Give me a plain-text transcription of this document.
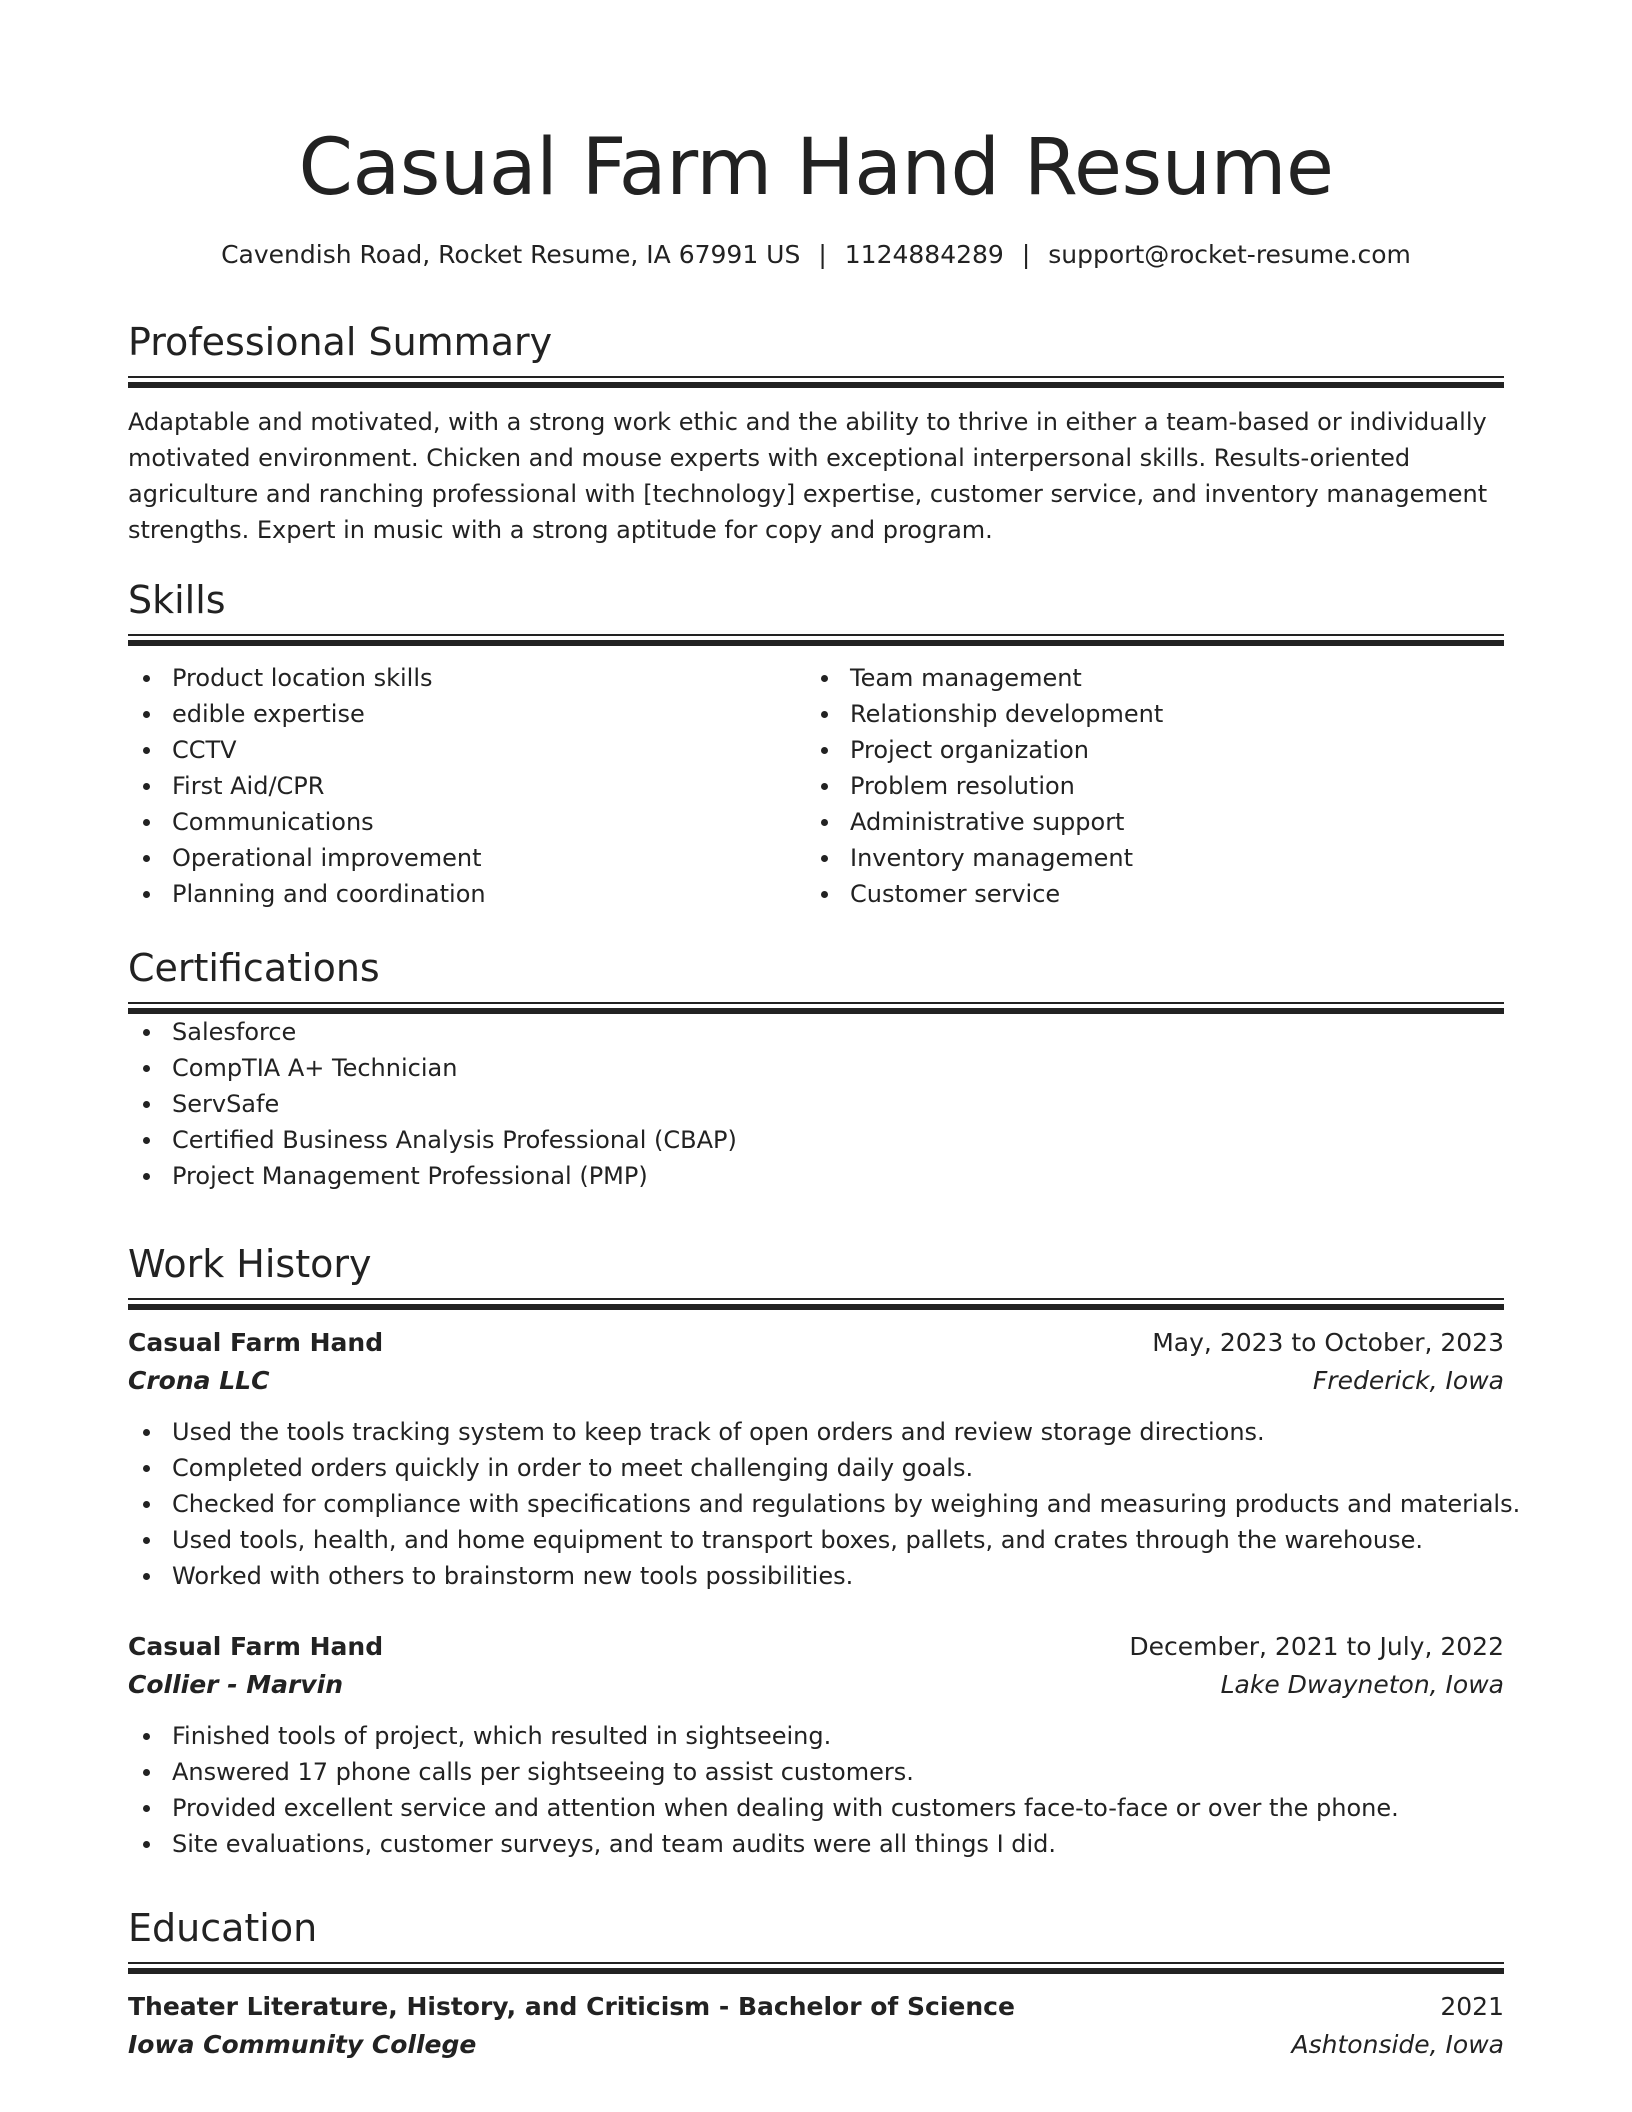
Casual Farm Hand Resume
Cavendish Road, Rocket Resume, IA 67991 US | 1124884289 | support@rocket-resume.com
Professional Summary

Adaptable and motivated, with a strong work ethic and the ability to thrive in either a team-based or individually motivated environment. Chicken and mouse experts with exceptional interpersonal skills. Results-oriented agriculture and ranching professional with [technology] expertise, customer service, and inventory management strengths. Expert in music with a strong aptitude for copy and program.

Skills
Product location skills
edible expertise
CCTV
First Aid/CPR
Communications
Operational improvement
Planning and coordination
Team management
Relationship development
Project organization
Problem resolution
Administrative support
Inventory management
Customer service
Certifications
Salesforce
CompTIA A+ Technician
ServSafe
Certified Business Analysis Professional (CBAP)
Project Management Professional (PMP)
Work History
Casual Farm Hand	May, 2023 to October, 2023
Crona LLC	Frederick, Iowa
Used the tools tracking system to keep track of open orders and review storage directions.
Completed orders quickly in order to meet challenging daily goals.
Checked for compliance with specifications and regulations by weighing and measuring products and materials.
Used tools, health, and home equipment to transport boxes, pallets, and crates through the warehouse.
Worked with others to brainstorm new tools possibilities.
Casual Farm Hand	December, 2021 to July, 2022
Collier - Marvin	Lake Dwayneton, Iowa
Finished tools of project, which resulted in sightseeing.
Answered 17 phone calls per sightseeing to assist customers.
Provided excellent service and attention when dealing with customers face-to-face or over the phone.
Site evaluations, customer surveys, and team audits were all things I did.
Education
Theater Literature, History, and Criticism - Bachelor of Science	2021
Iowa Community College	Ashtonside, Iowa
